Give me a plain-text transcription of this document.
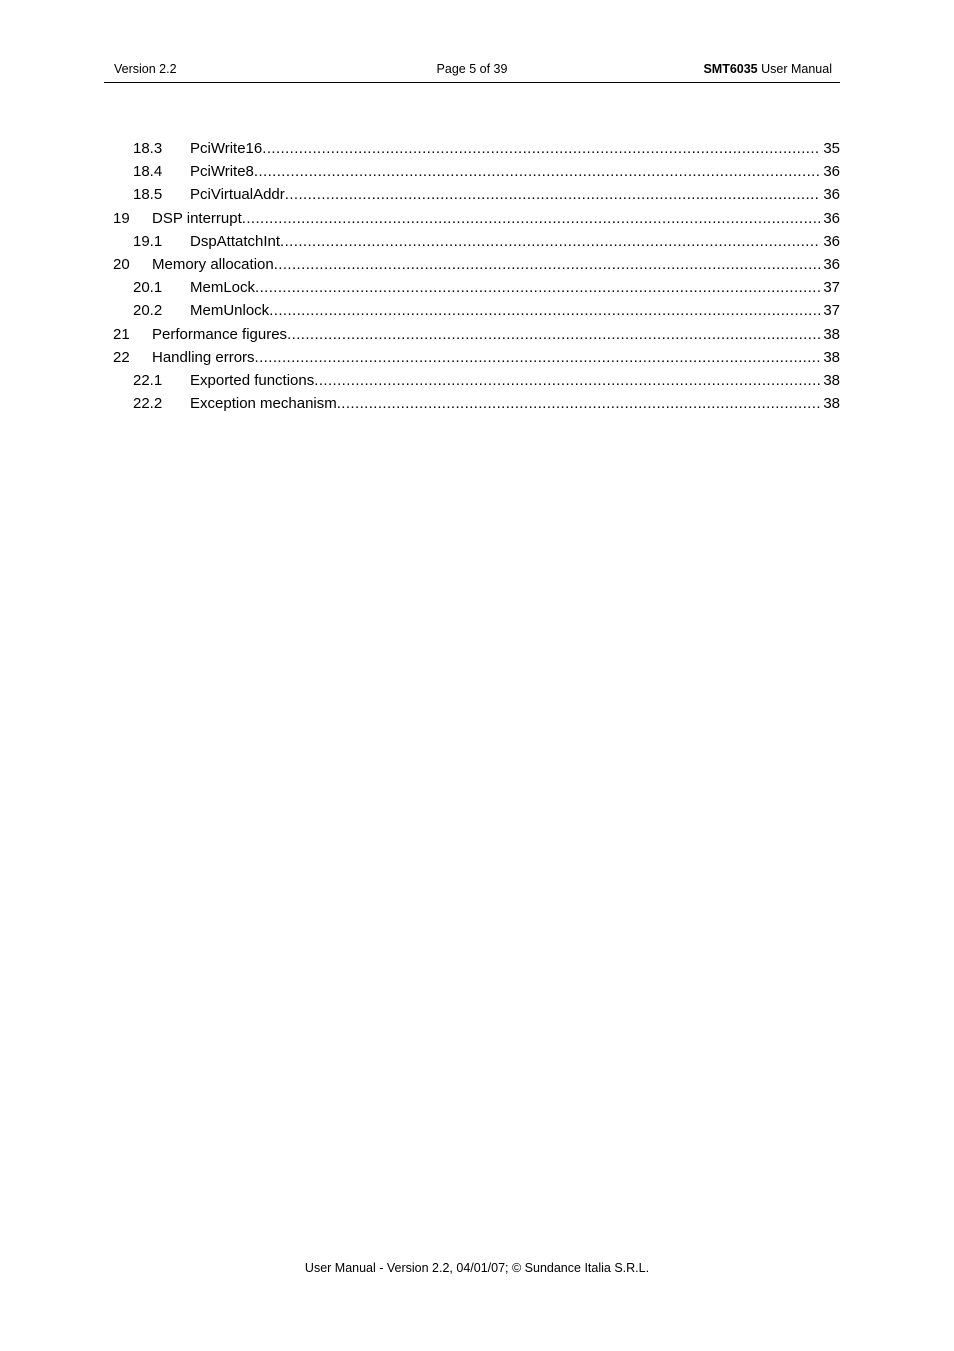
Version 2.2	Page 5 of 39	SMT6035 User Manual
18.3	PciWrite16 .....	35
18.4	PciWrite8 .....	36
18.5	PciVirtualAddr .....	36
19	DSP interrupt .....	36
19.1	DspAttatchInt .....	36
20	Memory allocation .....	36
20.1	MemLock .....	37
20.2	MemUnlock .....	37
21	Performance figures .....	38
22	Handling errors .....	38
22.1	Exported functions .....	38
22.2	Exception mechanism .....	38
User Manual - Version 2.2, 04/01/07; © Sundance Italia S.R.L.
